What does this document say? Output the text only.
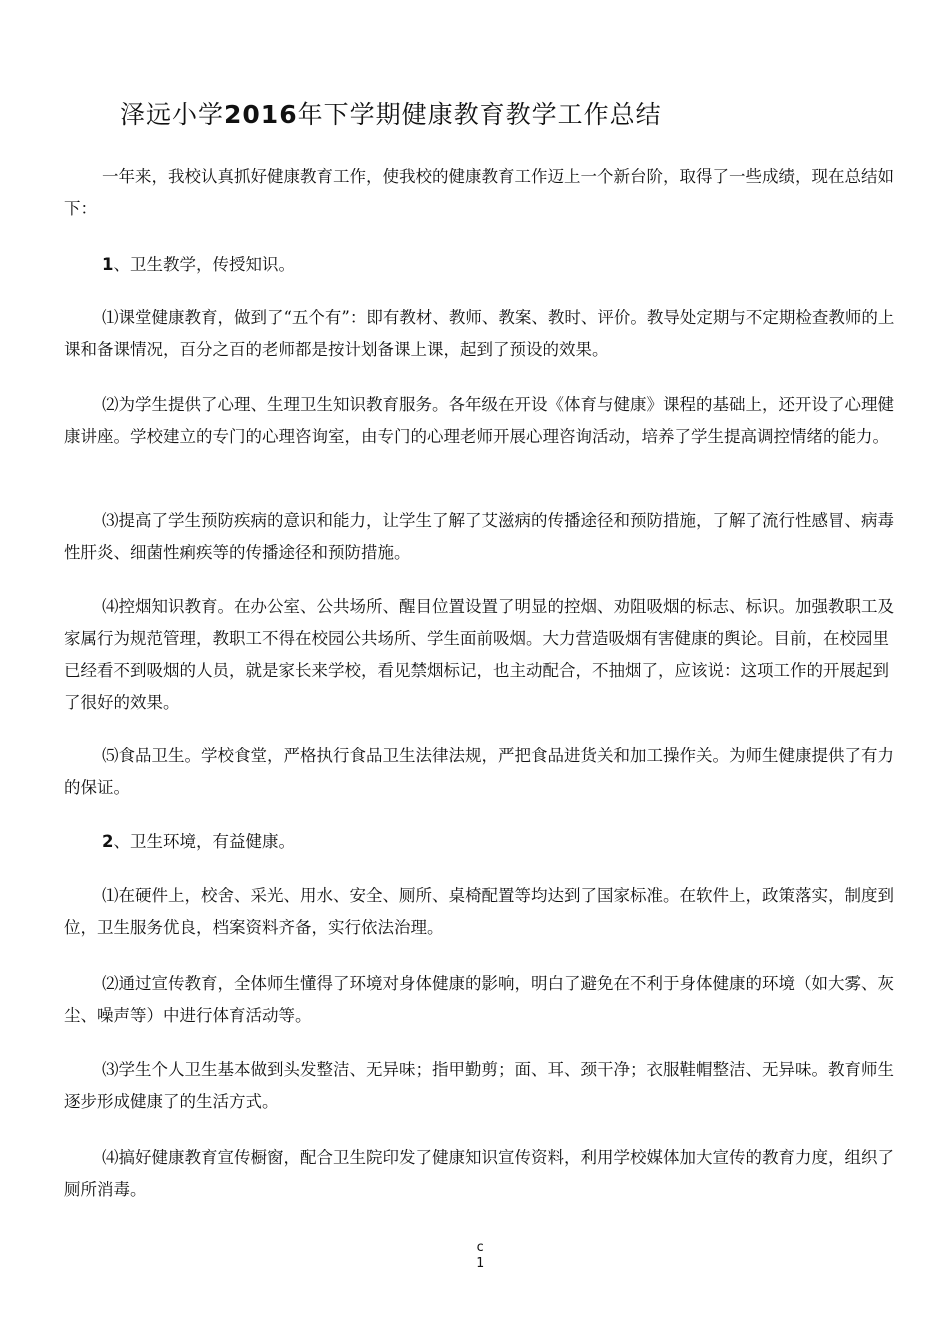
泽远小学2016年下学期健康教育教学工作总结

一年来，我校认真抓好健康教育工作，使我校的健康教育工作迈上一个新台阶，取得了一些成绩，现在总结如下：

1、卫生教学，传授知识。

⑴课堂健康教育，做到了“五个有”：即有教材、教师、教案、教时、评价。教导处定期与不定期检查教师的上课和备课情况，百分之百的老师都是按计划备课上课，起到了预设的效果。

⑵为学生提供了心理、生理卫生知识教育服务。各年级在开设《体育与健康》课程的基础上，还开设了心理健康讲座。学校建立的专门的心理咨询室，由专门的心理老师开展心理咨询活动，培养了学生提高调控情绪的能力。

⑶提高了学生预防疾病的意识和能力，让学生了解了艾滋病的传播途径和预防措施，了解了流行性感冒、病毒性肝炎、细菌性痢疾等的传播途径和预防措施。

⑷控烟知识教育。在办公室、公共场所、醒目位置设置了明显的控烟、劝阻吸烟的标志、标识。加强教职工及家属行为规范管理，教职工不得在校园公共场所、学生面前吸烟。大力营造吸烟有害健康的舆论。目前，在校园里已经看不到吸烟的人员，就是家长来学校，看见禁烟标记，也主动配合，不抽烟了，应该说：这项工作的开展起到了很好的效果。

⑸食品卫生。学校食堂，严格执行食品卫生法律法规，严把食品进货关和加工操作关。为师生健康提供了有力的保证。

2、卫生环境，有益健康。

⑴在硬件上，校舍、采光、用水、安全、厕所、桌椅配置等均达到了国家标准。在软件上，政策落实，制度到位，卫生服务优良，档案资料齐备，实行依法治理。

⑵通过宣传教育，全体师生懂得了环境对身体健康的影响，明白了避免在不利于身体健康的环境（如大雾、灰尘、噪声等）中进行体育活动等。

⑶学生个人卫生基本做到头发整洁、无异味；指甲勤剪；面、耳、颈干净；衣服鞋帽整洁、无异味。教育师生逐步形成健康了的生活方式。

⑷搞好健康教育宣传橱窗，配合卫生院印发了健康知识宣传资料，利用学校媒体加大宣传的教育力度，组织了厕所消毒。

c
1
